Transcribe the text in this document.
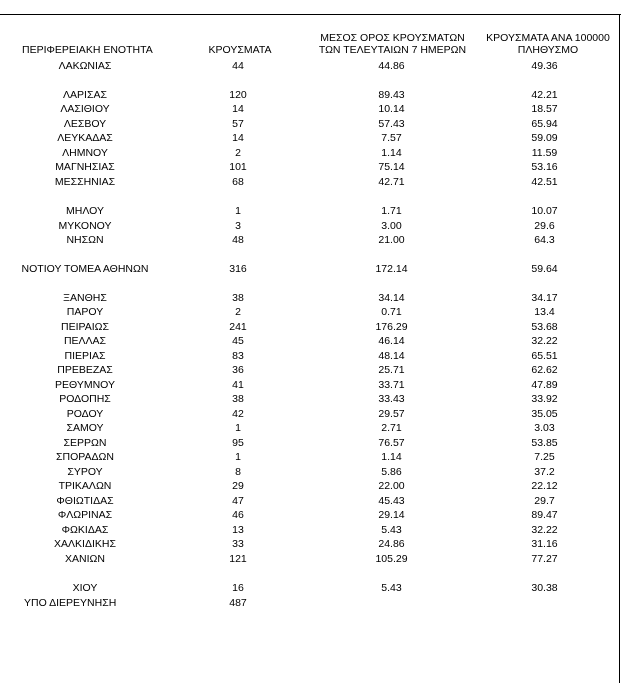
ΠΕΡΙΦΕΡΕΙΑΚΗ ΕΝΟΤΗΤΑ	ΚΡΟΥΣΜΑΤΑ
ΜΕΣΟΣ ΟΡΟΣ ΚΡΟΥΣΜΑΤΩΝ
ΤΩΝ ΤΕΛΕΥΤΑΙΩΝ 7 ΗΜΕΡΩΝ
ΚΡΟΥΣΜΑΤΑ ΑΝΑ 100000
ΠΛΗΘΥΣΜΟ
ΛΑΚΩΝΙΑΣ	44	44.86	49.36
ΛΑΡΙΣΑΣ	120	89.43	42.21
ΛΑΣΙΘΙΟΥ	14	10.14	18.57
ΛΕΣΒΟΥ	57	57.43	65.94
ΛΕΥΚΑΔΑΣ	14	7.57	59.09
ΛΗΜΝΟΥ	2	1.14	11.59
ΜΑΓΝΗΣΙΑΣ	101	75.14	53.16
ΜΕΣΣΗΝΙΑΣ	68	42.71	42.51
ΜΗΛΟΥ	1	1.71	10.07
ΜΥΚΟΝΟΥ	3	3.00	29.6
ΝΗΣΩΝ	48	21.00	64.3
ΝΟΤΙΟΥ ΤΟΜΕΑ ΑΘΗΝΩΝ	316	172.14	59.64
ΞΑΝΘΗΣ	38	34.14	34.17
ΠΑΡΟΥ	2	0.71	13.4
ΠΕΙΡΑΙΩΣ	241	176.29	53.68
ΠΕΛΛΑΣ	45	46.14	32.22
ΠΙΕΡΙΑΣ	83	48.14	65.51
ΠΡΕΒΕΖΑΣ	36	25.71	62.62
ΡΕΘΥΜΝΟΥ	41	33.71	47.89
ΡΟΔΟΠΗΣ	38	33.43	33.92
ΡΟΔΟΥ	42	29.57	35.05
ΣΑΜΟΥ	1	2.71	3.03
ΣΕΡΡΩΝ	95	76.57	53.85
ΣΠΟΡΑΔΩΝ	1	1.14	7.25
ΣΥΡΟΥ	8	5.86	37.2
ΤΡΙΚΑΛΩΝ	29	22.00	22.12
ΦΘΙΩΤΙΔΑΣ	47	45.43	29.7
ΦΛΩΡΙΝΑΣ	46	29.14	89.47
ΦΩΚΙΔΑΣ	13	5.43	32.22
ΧΑΛΚΙΔΙΚΗΣ	33	24.86	31.16
ΧΑΝΙΩΝ	121	105.29	77.27
ΧΙΟΥ	16	5.43	30.38
ΥΠΟ ΔΙΕΡΕΥΝΗΣΗ	487
